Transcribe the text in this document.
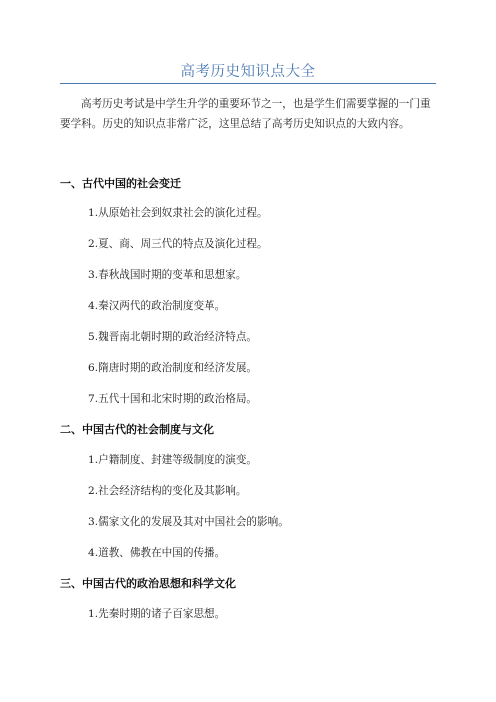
高考历史知识点大全

高考历史考试是中学生升学的重要环节之一，也是学生们需要掌握的一门重要学科。历史的知识点非常广泛，这里总结了高考历史知识点的大致内容。

一、古代中国的社会变迁

1.从原始社会到奴隶社会的演化过程。

2.夏、商、周三代的特点及演化过程。

3.春秋战国时期的变革和思想家。

4.秦汉两代的政治制度变革。

5.魏晋南北朝时期的政治经济特点。

6.隋唐时期的政治制度和经济发展。

7.五代十国和北宋时期的政治格局。

二、中国古代的社会制度与文化

1.户籍制度、封建等级制度的演变。

2.社会经济结构的变化及其影响。

3.儒家文化的发展及其对中国社会的影响。

4.道教、佛教在中国的传播。

三、中国古代的政治思想和科学文化

1.先秦时期的诸子百家思想。
